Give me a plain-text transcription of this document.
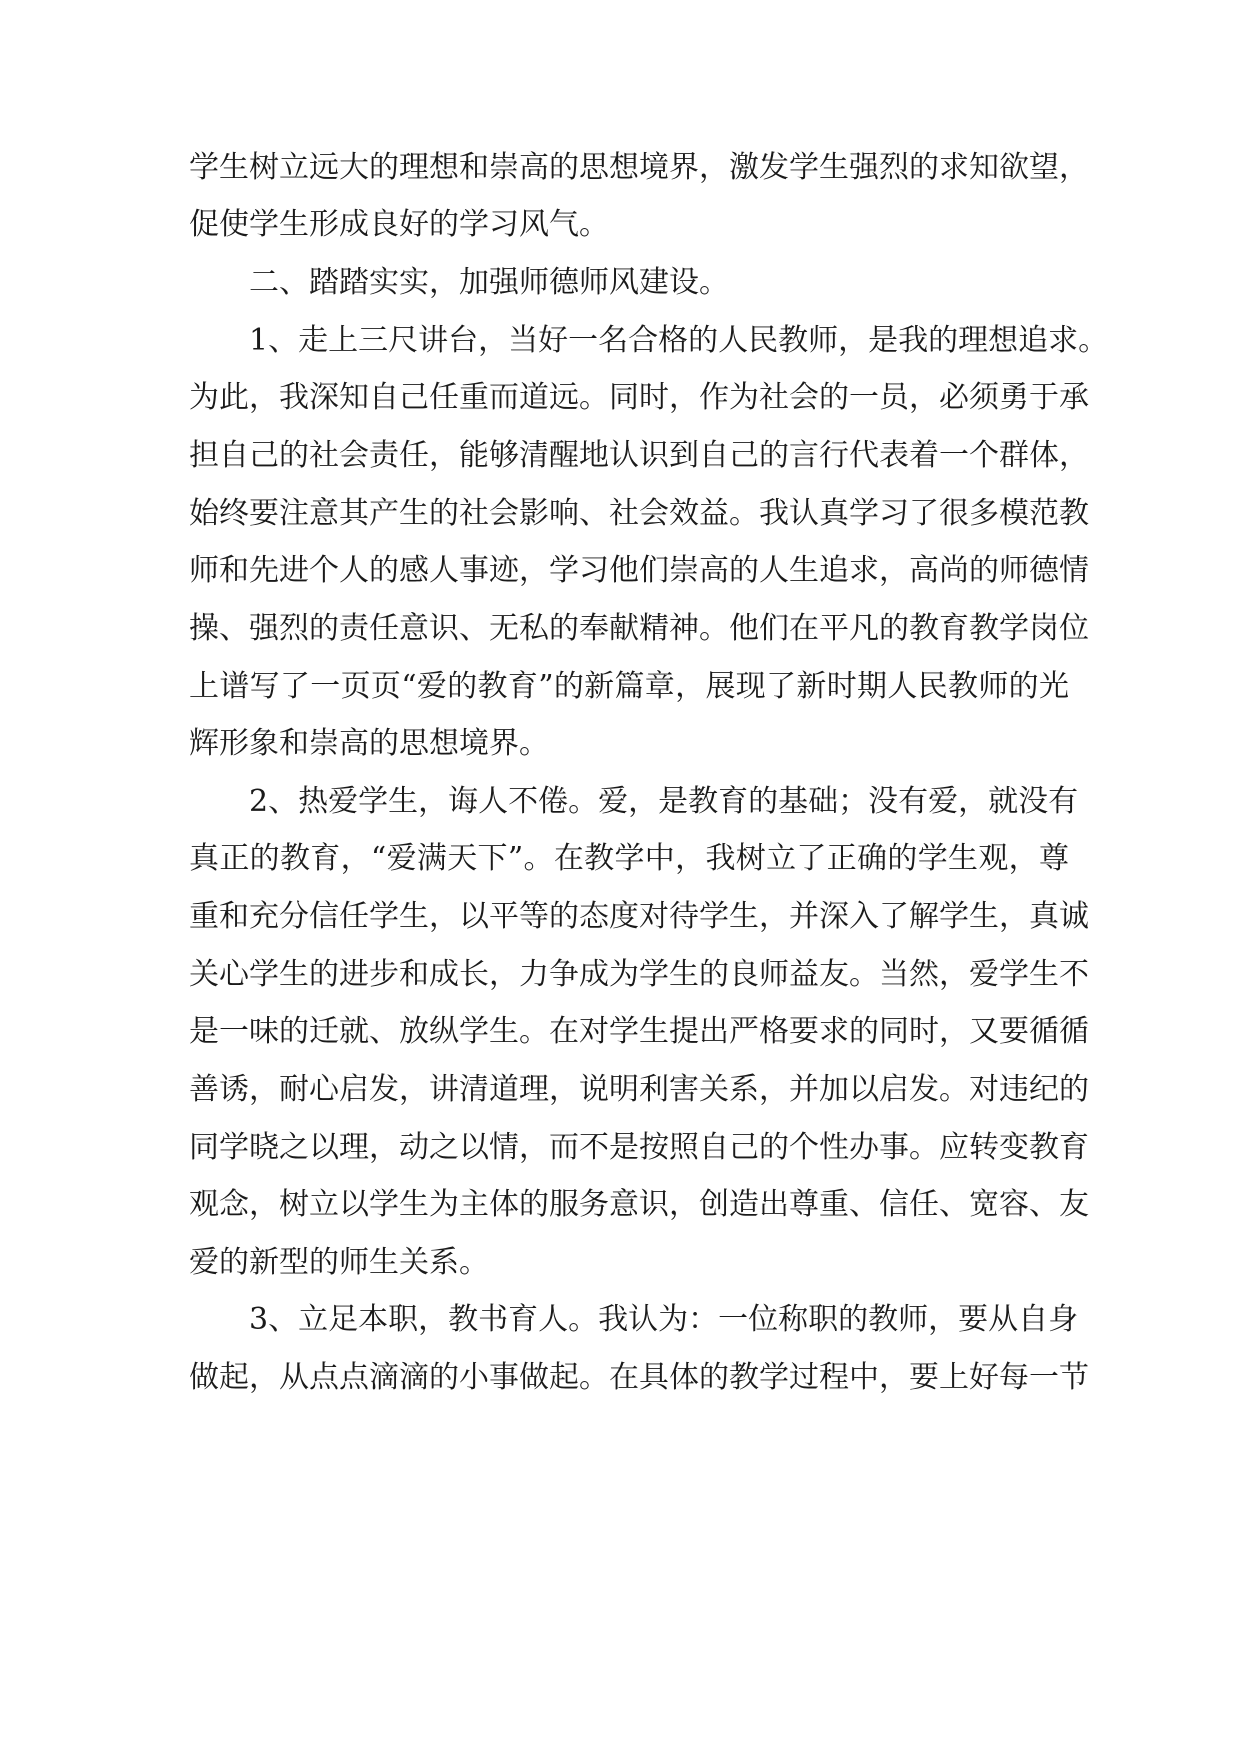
学生树立远大的理想和崇高的思想境界，激发学生强烈的求知欲望，
促使学生形成良好的学习风气。
二、踏踏实实，加强师德师风建设。
1、走上三尺讲台，当好一名合格的人民教师，是我的理想追求。
为此，我深知自己任重而道远。同时，作为社会的一员，必须勇于承
担自己的社会责任，能够清醒地认识到自己的言行代表着一个群体，
始终要注意其产生的社会影响、社会效益。我认真学习了很多模范教
师和先进个人的感人事迹，学习他们崇高的人生追求，高尚的师德情
操、强烈的责任意识、无私的奉献精神。他们在平凡的教育教学岗位
上谱写了一页页“爱的教育”的新篇章，展现了新时期人民教师的光
辉形象和崇高的思想境界。
2、热爱学生，诲人不倦。爱，是教育的基础；没有爱，就没有
真正的教育，“爱满天下”。在教学中，我树立了正确的学生观，尊
重和充分信任学生，以平等的态度对待学生，并深入了解学生，真诚
关心学生的进步和成长，力争成为学生的良师益友。当然，爱学生不
是一味的迁就、放纵学生。在对学生提出严格要求的同时，又要循循
善诱，耐心启发，讲清道理，说明利害关系，并加以启发。对违纪的
同学晓之以理，动之以情，而不是按照自己的个性办事。应转变教育
观念，树立以学生为主体的服务意识，创造出尊重、信任、宽容、友
爱的新型的师生关系。
3、立足本职，教书育人。我认为：一位称职的教师，要从自身
做起，从点点滴滴的小事做起。在具体的教学过程中，要上好每一节
